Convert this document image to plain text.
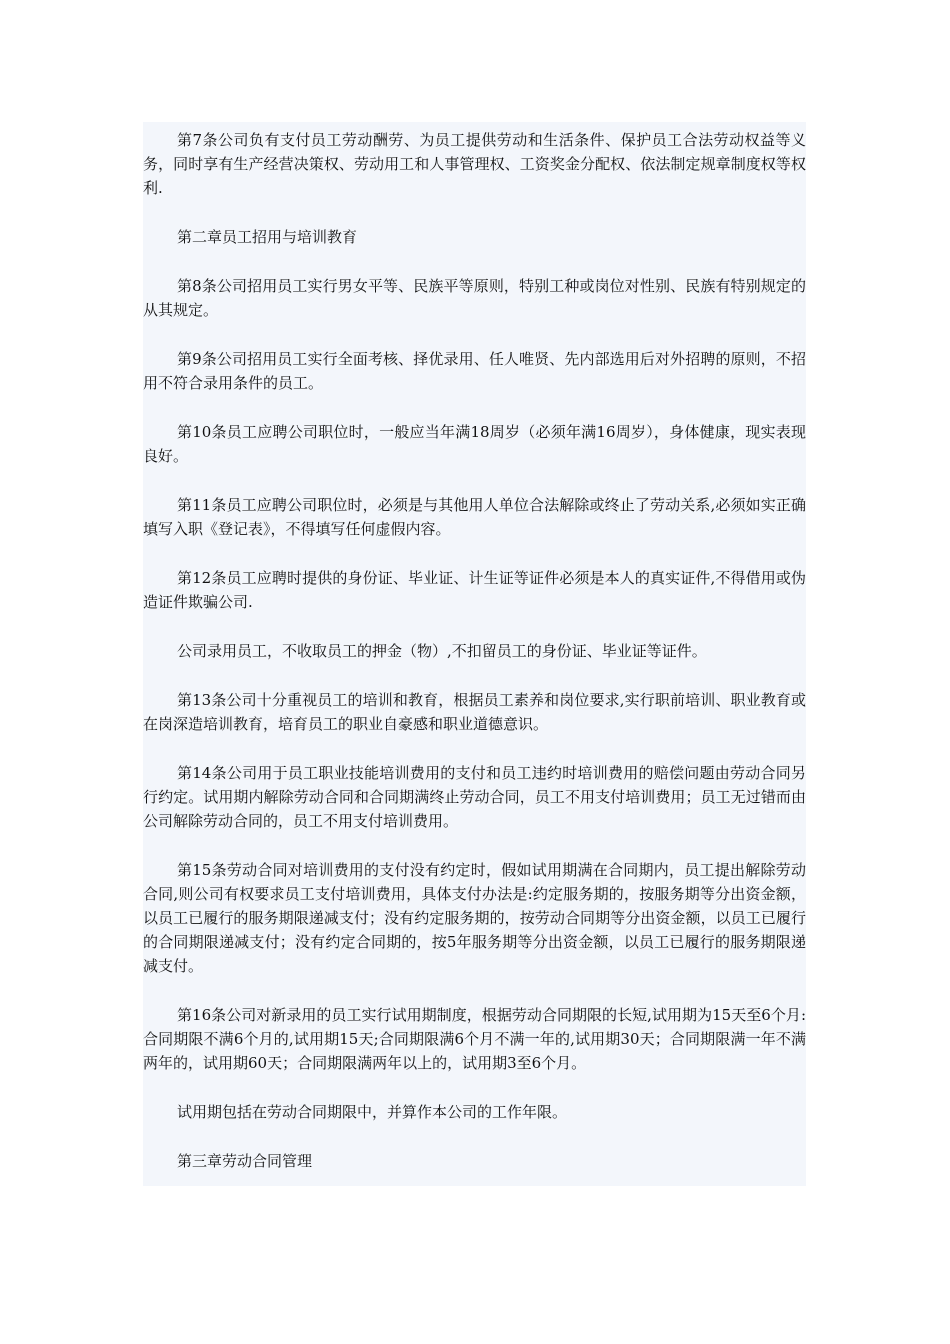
第7条公司负有支付员工劳动酬劳、为员工提供劳动和生活条件、保护员工合法劳动权益等义务，同时享有生产经营决策权、劳动用工和人事管理权、工资奖金分配权、依法制定规章制度权等权利.

第二章员工招用与培训教育

第8条公司招用员工实行男女平等、民族平等原则，特别工种或岗位对性别、民族有特别规定的从其规定。

第9条公司招用员工实行全面考核、择优录用、任人唯贤、先内部选用后对外招聘的原则，不招用不符合录用条件的员工。

第10条员工应聘公司职位时，一般应当年满18周岁（必须年满16周岁），身体健康，现实表现良好。

第11条员工应聘公司职位时，必须是与其他用人单位合法解除或终止了劳动关系,必须如实正确填写入职《登记表》，不得填写任何虚假内容。

第12条员工应聘时提供的身份证、毕业证、计生证等证件必须是本人的真实证件,不得借用或伪造证件欺骗公司.

公司录用员工，不收取员工的押金（物）,不扣留员工的身份证、毕业证等证件。

第13条公司十分重视员工的培训和教育，根据员工素养和岗位要求,实行职前培训、职业教育或在岗深造培训教育，培育员工的职业自豪感和职业道德意识。

第14条公司用于员工职业技能培训费用的支付和员工违约时培训费用的赔偿问题由劳动合同另行约定。试用期内解除劳动合同和合同期满终止劳动合同，员工不用支付培训费用；员工无过错而由公司解除劳动合同的，员工不用支付培训费用。

第15条劳动合同对培训费用的支付没有约定时，假如试用期满在合同期内，员工提出解除劳动合同,则公司有权要求员工支付培训费用，具体支付办法是:约定服务期的，按服务期等分出资金额，以员工已履行的服务期限递减支付；没有约定服务期的，按劳动合同期等分出资金额，以员工已履行的合同期限递减支付；没有约定合同期的，按5年服务期等分出资金额，以员工已履行的服务期限递减支付。

第16条公司对新录用的员工实行试用期制度，根据劳动合同期限的长短,试用期为15天至6个月:合同期限不满6个月的,试用期15天;合同期限满6个月不满一年的,试用期30天；合同期限满一年不满两年的，试用期60天；合同期限满两年以上的，试用期3至6个月。

试用期包括在劳动合同期限中，并算作本公司的工作年限。

第三章劳动合同管理
